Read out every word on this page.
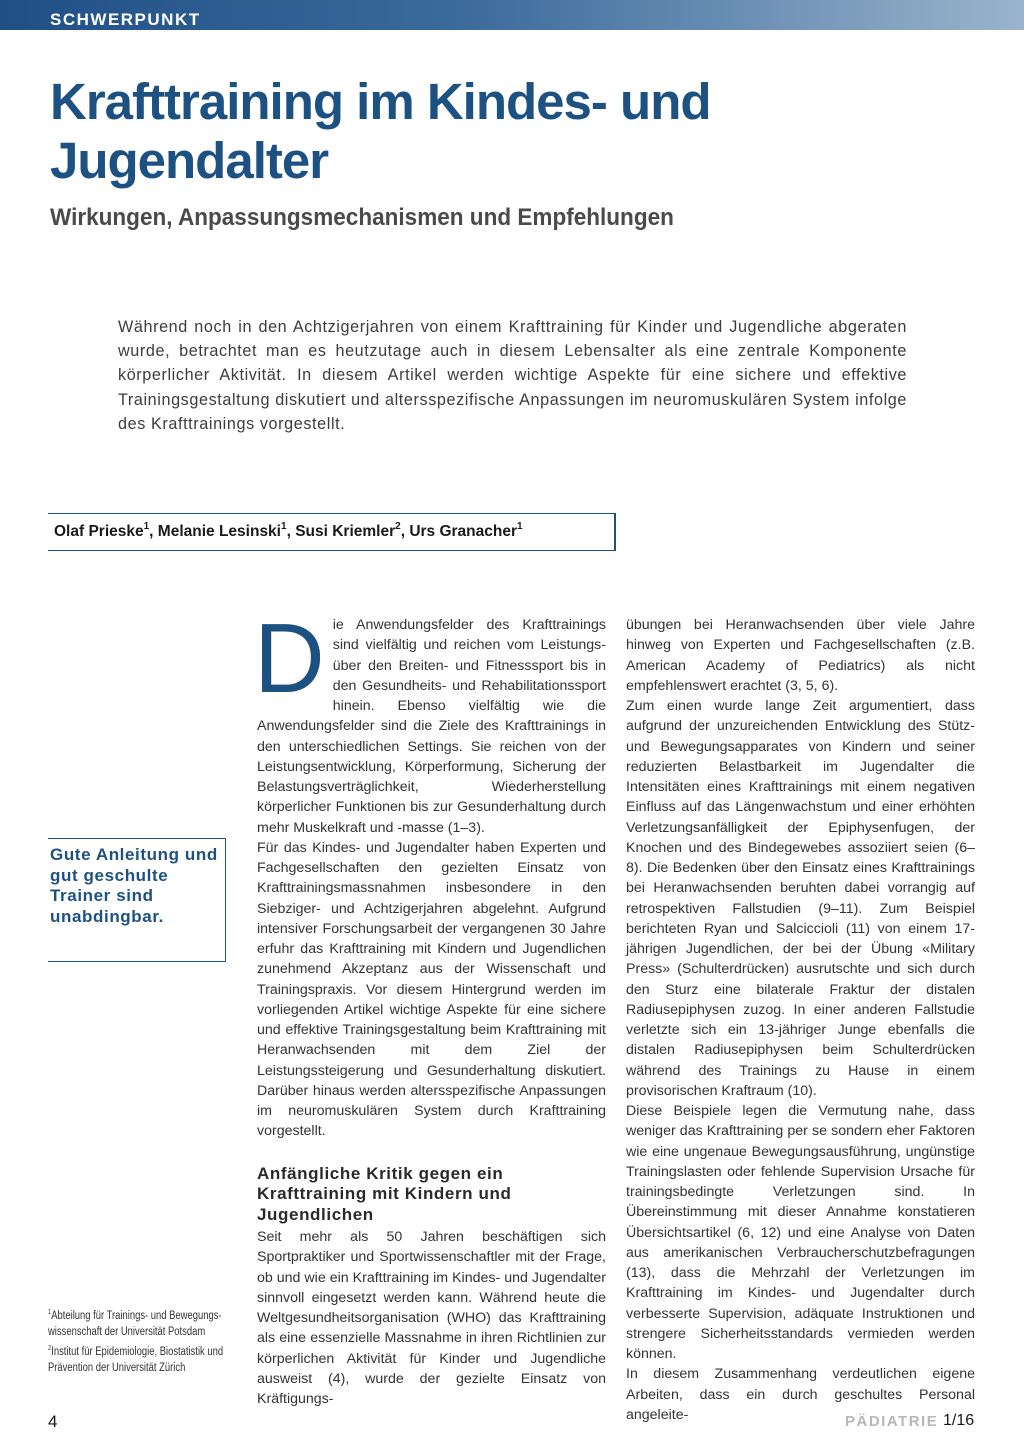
SCHWERPUNKT
Krafttraining im Kindes- und Jugendalter
Wirkungen, Anpassungsmechanismen und Empfehlungen

Während noch in den Achtzigerjahren von einem Krafttraining für Kinder und Jugendliche abgeraten wurde, betrachtet man es heutzutage auch in diesem Lebensalter als eine zentrale Komponente körperlicher Aktivität. In diesem Artikel werden wichtige Aspekte für eine sichere und effektive Trainingsgestaltung diskutiert und altersspezifische Anpassungen im neuromuskulären System infolge des Krafttrainings vorgestellt.

Olaf Prieske$^1$, Melanie Lesinski$^1$, Susi Kriemler$^2$, Urs Granacher$^1$
Gute Anleitung und gut geschulte Trainer sind unabdingbar.

Die Anwendungsfelder des Krafttrainings sind vielfältig und reichen vom Leistungs- über den Breiten- und Fitnesssport bis in den Gesundheits- und Rehabilitationssport hinein. Ebenso vielfältig wie die Anwendungsfelder sind die Ziele des Krafttrainings in den unterschiedlichen Settings. Sie reichen von der Leistungsentwicklung, Körperformung, Sicherung der Belastungsverträglichkeit, Wiederherstellung körperlicher Funktionen bis zur Gesunderhaltung durch mehr Muskelkraft und -masse (1–3).

Für das Kindes- und Jugendalter haben Experten und Fachgesellschaften den gezielten Einsatz von Krafttrainingsmassnahmen insbesondere in den Siebziger- und Achtzigerjahren abgelehnt. Aufgrund intensiver Forschungsarbeit der vergangenen 30 Jahre erfuhr das Krafttraining mit Kindern und Jugendlichen zunehmend Akzeptanz aus der Wissenschaft und Trainingspraxis. Vor diesem Hintergrund werden im vorliegenden Artikel wichtige Aspekte für eine sichere und effektive Trainingsgestaltung beim Krafttraining mit Heranwachsenden mit dem Ziel der Leistungssteigerung und Gesunderhaltung diskutiert. Darüber hinaus werden altersspezifische Anpassungen im neuromuskulären System durch Krafttraining vorgestellt.

Anfängliche Kritik gegen ein Krafttraining mit Kindern und Jugendlichen

Seit mehr als 50 Jahren beschäftigen sich Sportpraktiker und Sportwissenschaftler mit der Frage, ob und wie ein Krafttraining im Kindes- und Jugendalter sinnvoll eingesetzt werden kann. Während heute die Weltgesundheitsorganisation (WHO) das Krafttraining als eine essenzielle Massnahme in ihren Richtlinien zur körperlichen Aktivität für Kinder und Jugendliche ausweist (4), wurde der gezielte Einsatz von Kräftigungs-

übungen bei Heranwachsenden über viele Jahre hinweg von Experten und Fachgesellschaften (z.B. American Academy of Pediatrics) als nicht empfehlenswert erachtet (3, 5, 6).

Zum einen wurde lange Zeit argumentiert, dass aufgrund der unzureichenden Entwicklung des Stütz- und Bewegungsapparates von Kindern und seiner reduzierten Belastbarkeit im Jugendalter die Intensitäten eines Krafttrainings mit einem negativen Einfluss auf das Längenwachstum und einer erhöhten Verletzungsanfälligkeit der Epiphysenfugen, der Knochen und des Bindegewebes assoziiert seien (6–8). Die Bedenken über den Einsatz eines Krafttrainings bei Heranwachsenden beruhten dabei vorrangig auf retrospektiven Fallstudien (9–11). Zum Beispiel berichteten Ryan und Salciccioli (11) von einem 17-jährigen Jugendlichen, der bei der Übung «Military Press» (Schulterdrücken) ausrutschte und sich durch den Sturz eine bilaterale Fraktur der distalen Radiusepiphysen zuzog. In einer anderen Fallstudie verletzte sich ein 13-jähriger Junge ebenfalls die distalen Radiusepiphysen beim Schulterdrücken während des Trainings zu Hause in einem provisorischen Kraftraum (10).

Diese Beispiele legen die Vermutung nahe, dass weniger das Krafttraining per se sondern eher Faktoren wie eine ungenaue Bewegungsausführung, ungünstige Trainingslasten oder fehlende Supervision Ursache für trainingsbedingte Verletzungen sind. In Übereinstimmung mit dieser Annahme konstatieren Übersichtsartikel (6, 12) und eine Analyse von Daten aus amerikanischen Verbraucherschutzbefragungen (13), dass die Mehrzahl der Verletzungen im Krafttraining im Kindes- und Jugendalter durch verbesserte Supervision, adäquate Instruktionen und strengere Sicherheitsstandards vermieden werden können.

In diesem Zusammenhang verdeutlichen eigene Arbeiten, dass ein durch geschultes Personal angeleite-

$^1$Abteilung für Trainings- und Bewegungs-
wissenschaft der Universität Potsdam
$^2$Institut für Epidemiologie, Biostatistik und
Prävention der Universität Zürich
4	PÄDIATRIE 1/16
